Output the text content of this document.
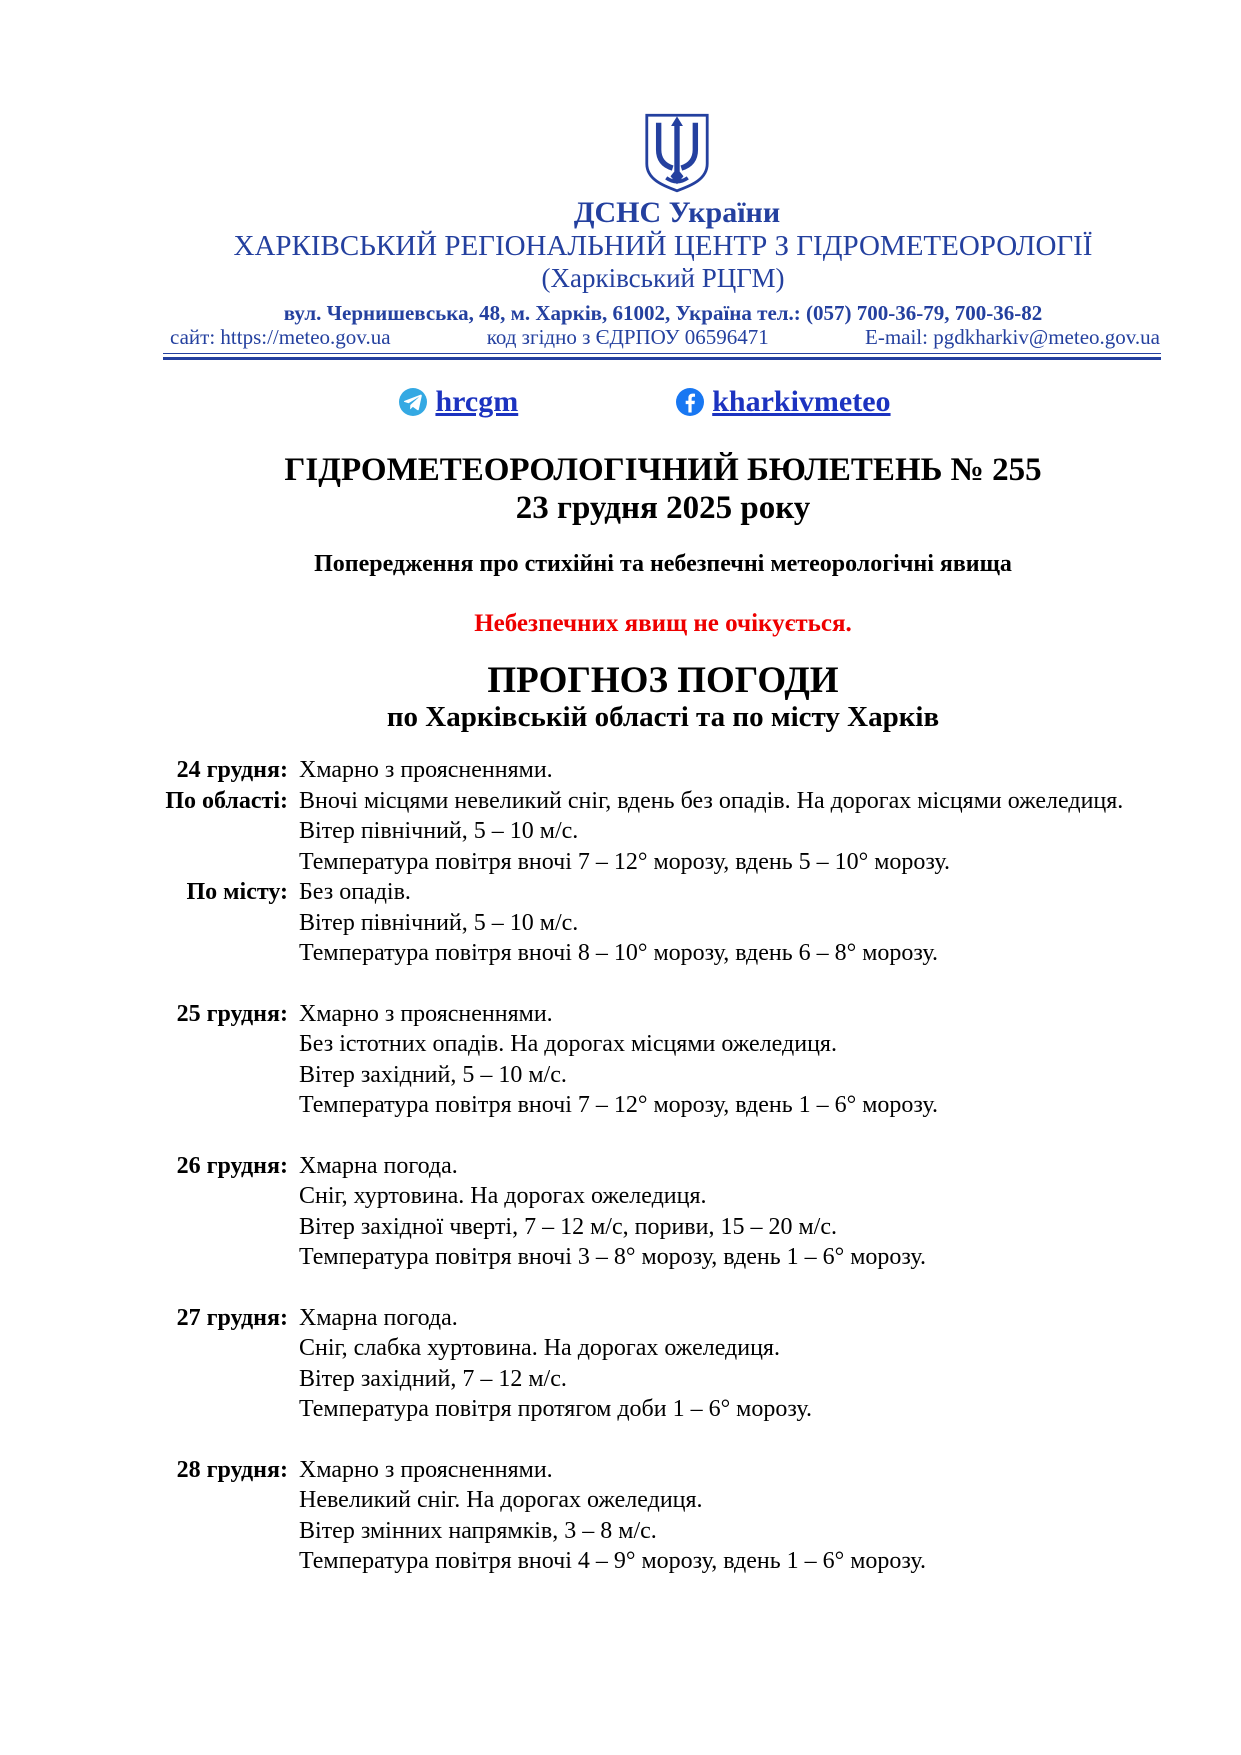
ДСНС України
ХАРКІВСЬКИЙ РЕГІОНАЛЬНИЙ ЦЕНТР З ГІДРОМЕТЕОРОЛОГІЇ
(Харківський РЦГМ)
вул. Чернишевська, 48, м. Харків, 61002, Україна тел.: (057) 700-36-79, 700-36-82
сайт: https://meteo.gov.ua	код згідно з ЄДРПОУ 06596471	E-mail: pgdkharkiv@meteo.gov.ua
hrcgm	kharkivmeteo
ГІДРОМЕТЕОРОЛОГІЧНИЙ БЮЛЕТЕНЬ № 255
23 грудня 2025 року
Попередження про стихійні та небезпечні метеорологічні явища
Небезпечних явищ не очікується.
ПРОГНОЗ ПОГОДИ
по Харківській області та по місту Харків
24 грудня: Хмарно з проясненнями.
По області: Вночі місцями невеликий сніг, вдень без опадів. На дорогах місцями ожеледиця.
Вітер північний, 5 – 10 м/с.
Температура повітря вночі 7 – 12° морозу, вдень 5 – 10° морозу.
По місту: Без опадів.
Вітер північний, 5 – 10 м/с.
Температура повітря вночі 8 – 10° морозу, вдень 6 – 8° морозу.
25 грудня: Хмарно з проясненнями.
Без істотних опадів. На дорогах місцями ожеледиця.
Вітер західний, 5 – 10 м/с.
Температура повітря вночі 7 – 12° морозу, вдень 1 – 6° морозу.
26 грудня: Хмарна погода.
Сніг, хуртовина. На дорогах ожеледиця.
Вітер західної чверті, 7 – 12 м/с, пориви, 15 – 20 м/с.
Температура повітря вночі 3 – 8° морозу, вдень 1 – 6° морозу.
27 грудня: Хмарна погода.
Сніг, слабка хуртовина. На дорогах ожеледиця.
Вітер західний, 7 – 12 м/с.
Температура повітря протягом доби 1 – 6° морозу.
28 грудня: Хмарно з проясненнями.
Невеликий сніг. На дорогах ожеледиця.
Вітер змінних напрямків, 3 – 8 м/с.
Температура повітря вночі 4 – 9° морозу, вдень 1 – 6° морозу.
